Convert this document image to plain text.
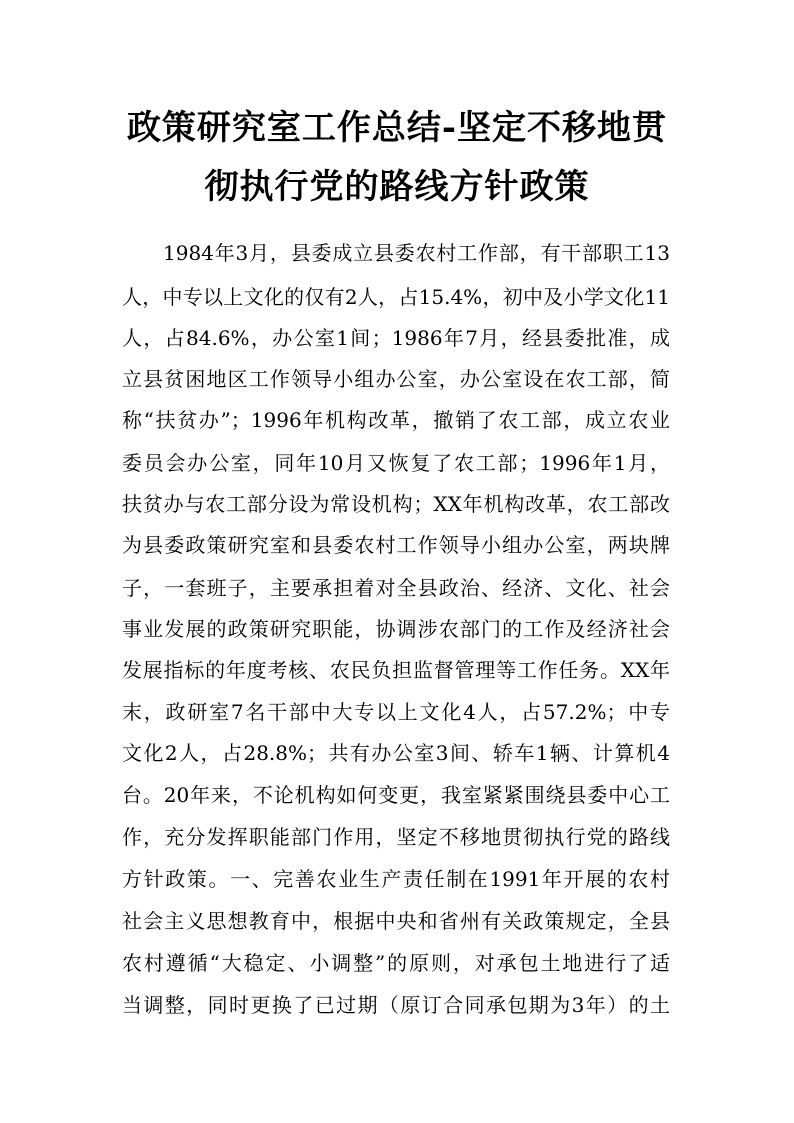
政策研究室工作总结-坚定不移地贯
彻执行党的路线方针政策
1984年3月，县委成立县委农村工作部，有干部职工13
人，中专以上文化的仅有2人，占15.4%，初中及小学文化11
人，占84.6%，办公室1间；1986年7月，经县委批准，成
立县贫困地区工作领导小组办公室，办公室设在农工部，简
称“扶贫办”；1996年机构改革，撤销了农工部，成立农业
委员会办公室，同年10月又恢复了农工部；1996年1月，
扶贫办与农工部分设为常设机构；XX年机构改革，农工部改
为县委政策研究室和县委农村工作领导小组办公室，两块牌
子，一套班子，主要承担着对全县政治、经济、文化、社会
事业发展的政策研究职能，协调涉农部门的工作及经济社会
发展指标的年度考核、农民负担监督管理等工作任务。XX年
末，政研室7名干部中大专以上文化4人，占57.2%；中专
文化2人，占28.8%；共有办公室3间、轿车1辆、计算机4
台。20年来，不论机构如何变更，我室紧紧围绕县委中心工
作，充分发挥职能部门作用，坚定不移地贯彻执行党的路线
方针政策。一、完善农业生产责任制在1991年开展的农村
社会主义思想教育中，根据中央和省州有关政策规定，全县
农村遵循“大稳定、小调整”的原则，对承包土地进行了适
当调整，同时更换了已过期（原订合同承包期为3年）的土
